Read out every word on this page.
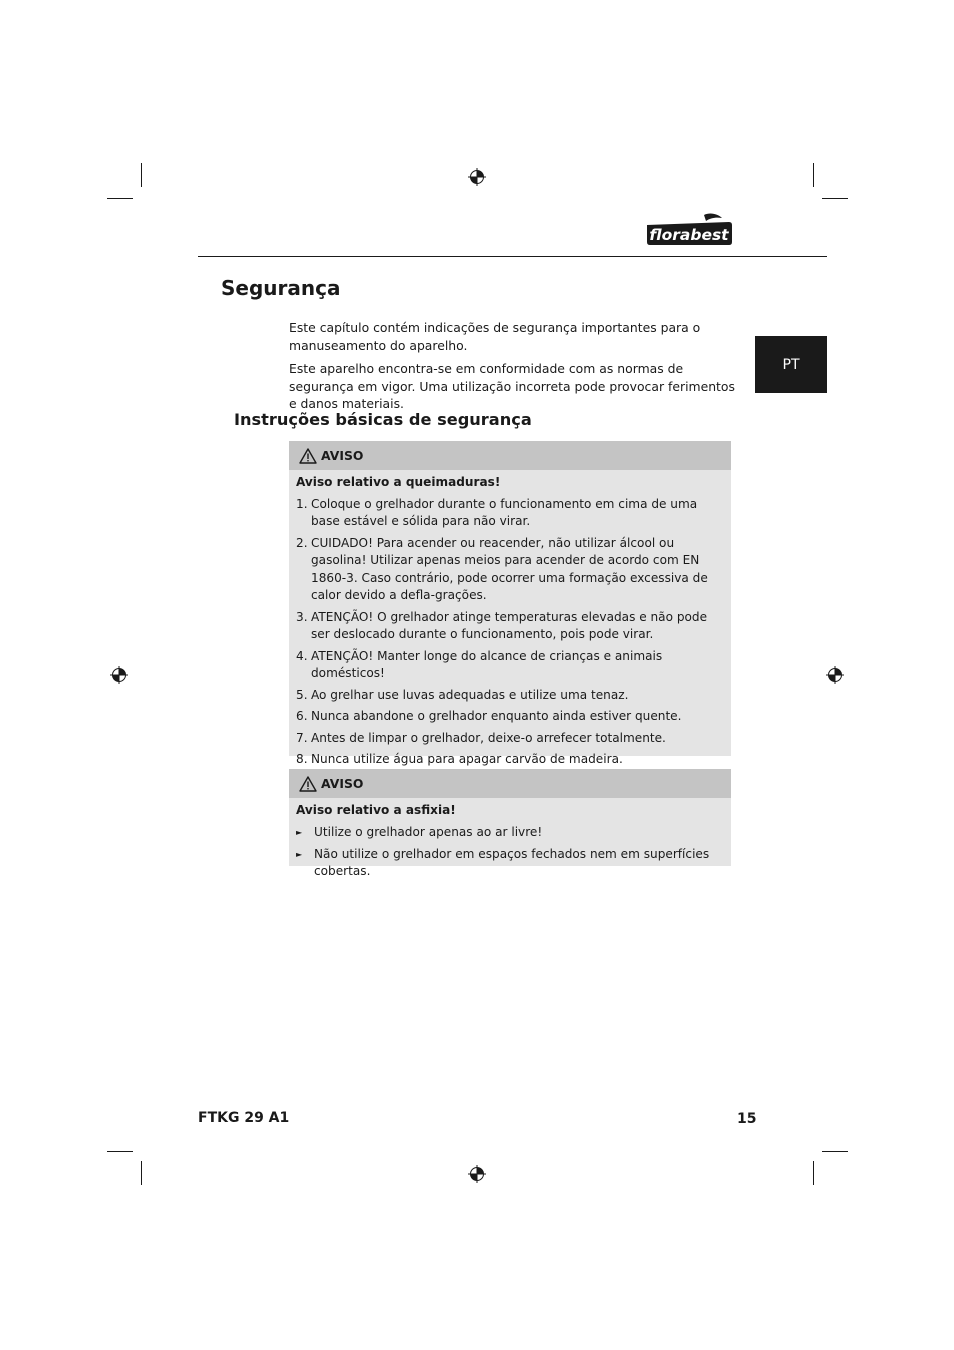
florabest
Segurança
PT

Este capítulo contém indicações de segurança importantes para o manuseamento do aparelho.

Este aparelho encontra-se em conformidade com as normas de segurança em vigor. Uma utilização incorreta pode provocar ferimentos e danos materiais.

Instruções básicas de segurança
AVISO
Aviso relativo a queimaduras!
1. Coloque o grelhador durante o funcionamento em cima de uma base estável e sólida para não virar.
2. CUIDADO! Para acender ou reacender, não utilizar álcool ou gasolina! Utilizar apenas meios para acender de acordo com EN 1860-3. Caso contrário, pode ocorrer uma formação excessiva de calor devido a defla-grações.
3. ATENÇÃO! O grelhador atinge temperaturas elevadas e não pode ser deslocado durante o funcionamento, pois pode virar.
4. ATENÇÃO! Manter longe do alcance de crianças e animais domésticos!
5. Ao grelhar use luvas adequadas e utilize uma tenaz.
6. Nunca abandone o grelhador enquanto ainda estiver quente.
7. Antes de limpar o grelhador, deixe-o arrefecer totalmente.
8. Nunca utilize água para apagar carvão de madeira.
AVISO
Aviso relativo a asfixia!
► Utilize o grelhador apenas ao ar livre!
► Não utilize o grelhador em espaços fechados nem em superfícies cobertas.
FTKG 29 A1	15
